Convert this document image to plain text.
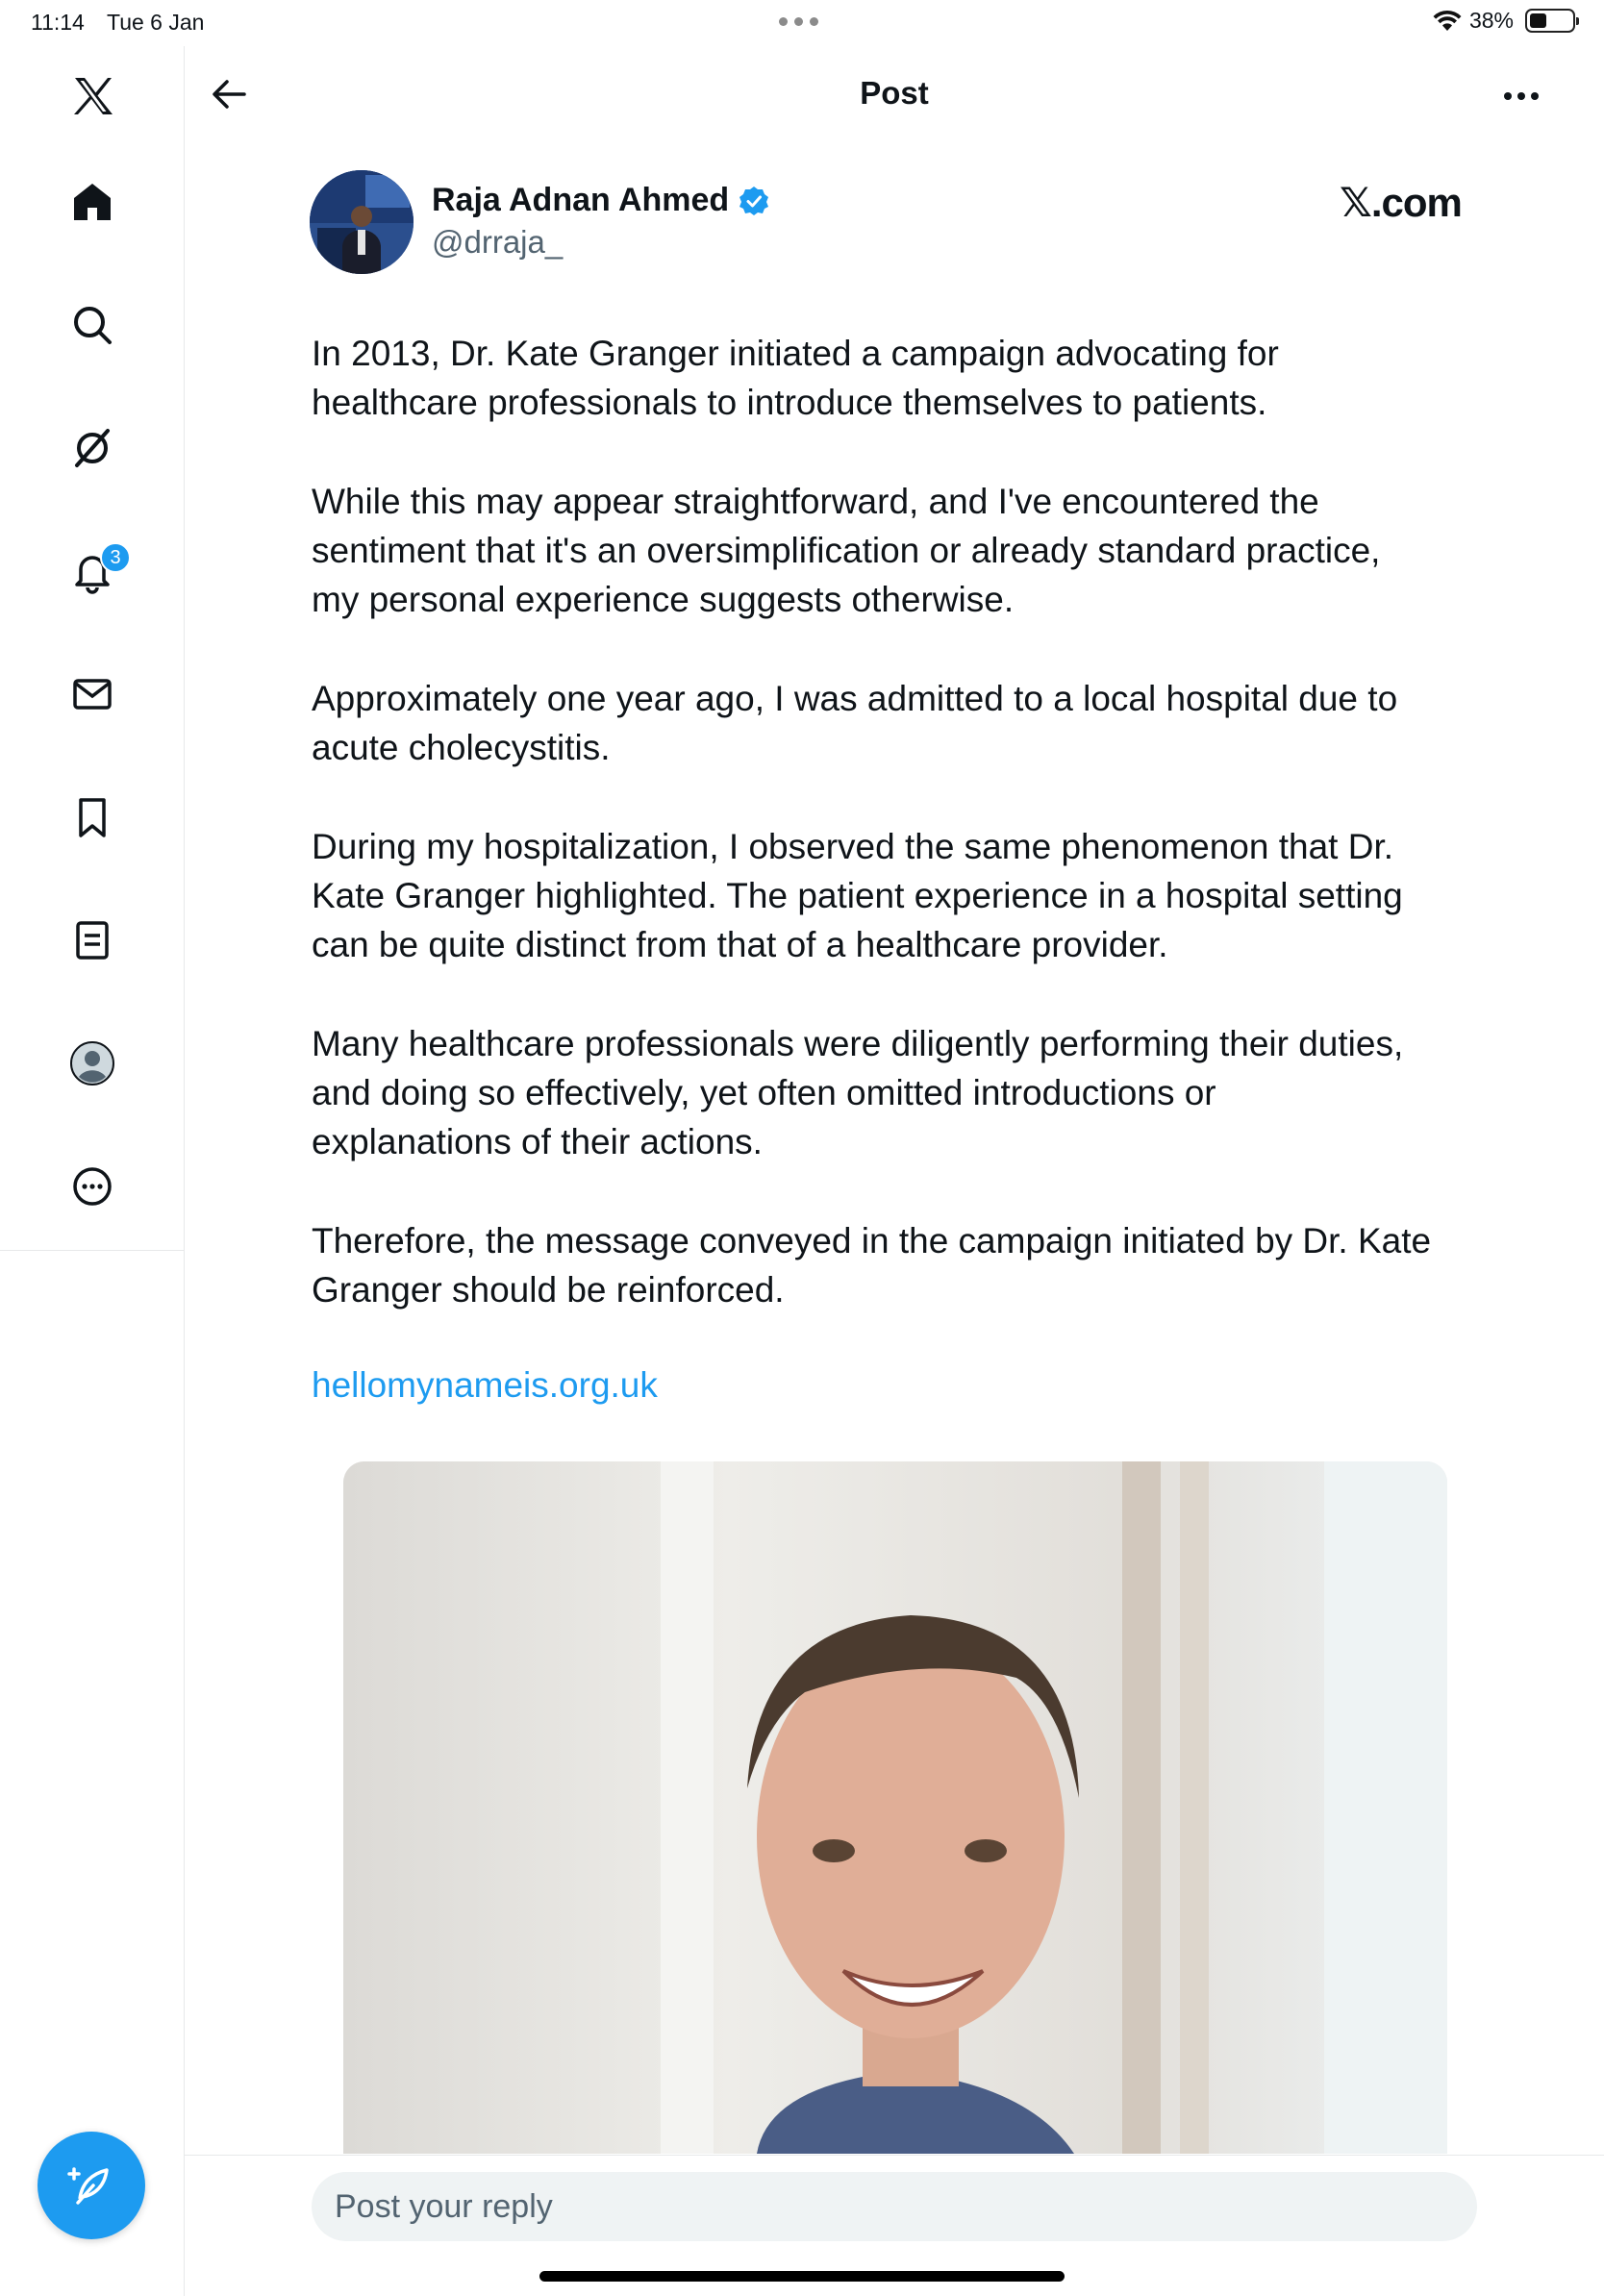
11:14 Tue 6 Jan	38%
3
Post
Raja Adnan Ahmed
@drraja_
𝕏.com

In 2013, Dr. Kate Granger initiated a campaign advocating for
healthcare professionals to introduce themselves to patients.

While this may appear straightforward, and I've encountered the
sentiment that it's an oversimplification or already standard practice,
my personal experience suggests otherwise.

Approximately one year ago, I was admitted to a local hospital due to
acute cholecystitis.

During my hospitalization, I observed the same phenomenon that Dr.
Kate Granger highlighted. The patient experience in a hospital setting
can be quite distinct from that of a healthcare provider.

Many healthcare professionals were diligently performing their duties,
and doing so effectively, yet often omitted introductions or
explanations of their actions.

Therefore, the message conveyed in the campaign initiated by Dr. Kate
Granger should be reinforced.

hellomynameis.org.uk
Post your reply
